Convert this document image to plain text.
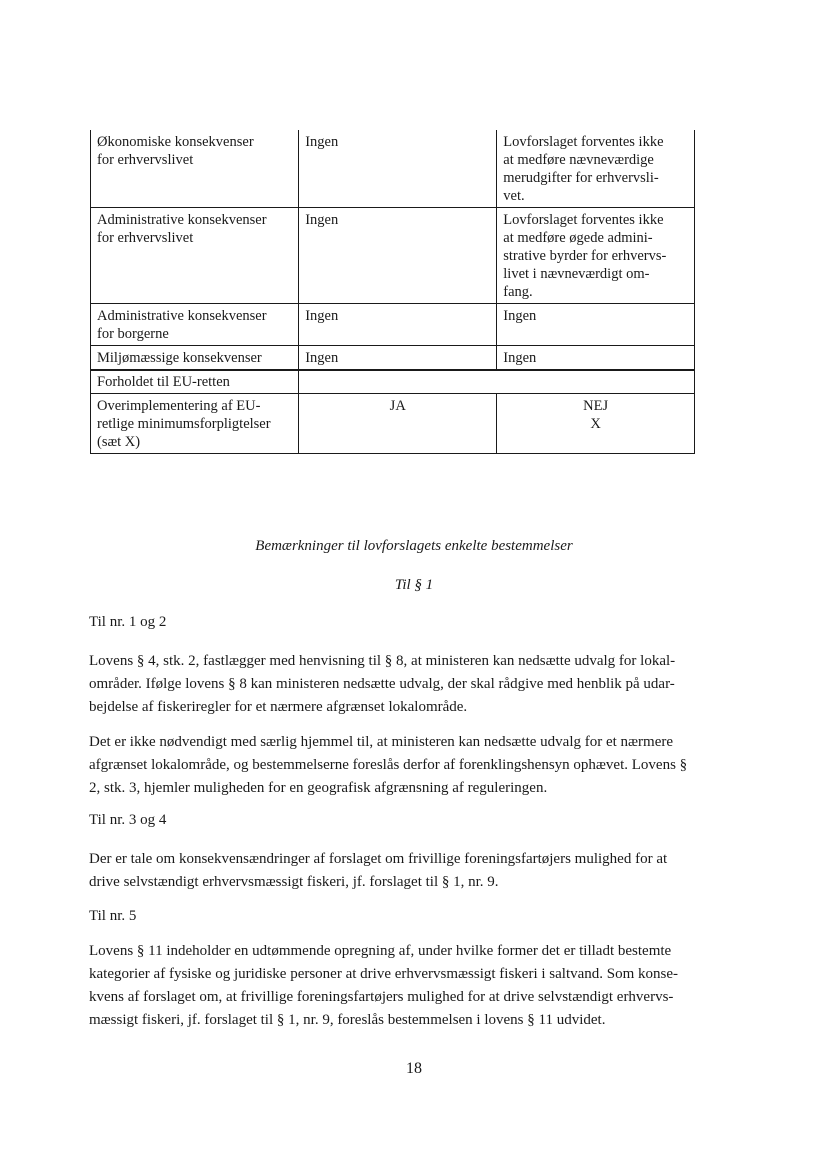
Økonomiske konsekvenser
for erhvervslivet	Ingen	Lovforslaget forventes ikke
at medføre nævneværdige
merudgifter for erhvervsli-
vet.

Administrative konsekvenser
for erhvervslivet	Ingen	Lovforslaget forventes ikke
at medføre øgede admini-
strative byrder for erhvervs-
livet i nævneværdigt om-
fang.

Administrative konsekvenser
for borgerne	Ingen	Ingen

Miljømæssige konsekvenser	Ingen	Ingen

Forholdet til EU-retten		

Overimplementering af EU-
retlige minimumsforpligtelser
(sæt X)	JA	NEJ
X
Bemærkninger til lovforslagets enkelte bestemmelser
Til § 1
Til nr. 1 og 2
Lovens § 4, stk. 2, fastlægger med henvisning til § 8, at ministeren kan nedsætte udvalg for lokal-
områder. Ifølge lovens § 8 kan ministeren nedsætte udvalg, der skal rådgive med henblik på udar-
bejdelse af fiskeriregler for et nærmere afgrænset lokalområde.
Det er ikke nødvendigt med særlig hjemmel til, at ministeren kan nedsætte udvalg for et nærmere
afgrænset lokalområde, og bestemmelserne foreslås derfor af forenklingshensyn ophævet. Lovens §
2, stk. 3, hjemler muligheden for en geografisk afgrænsning af reguleringen.
Til nr. 3 og 4
Der er tale om konsekvensændringer af forslaget om frivillige foreningsfartøjers mulighed for at
drive selvstændigt erhvervsmæssigt fiskeri, jf. forslaget til § 1, nr. 9.
Til nr. 5
Lovens § 11 indeholder en udtømmende opregning af, under hvilke former det er tilladt bestemte
kategorier af fysiske og juridiske personer at drive erhvervsmæssigt fiskeri i saltvand. Som konse-
kvens af forslaget om, at frivillige foreningsfartøjers mulighed for at drive selvstændigt erhvervs-
mæssigt fiskeri, jf. forslaget til § 1, nr. 9, foreslås bestemmelsen i lovens § 11 udvidet.
18
